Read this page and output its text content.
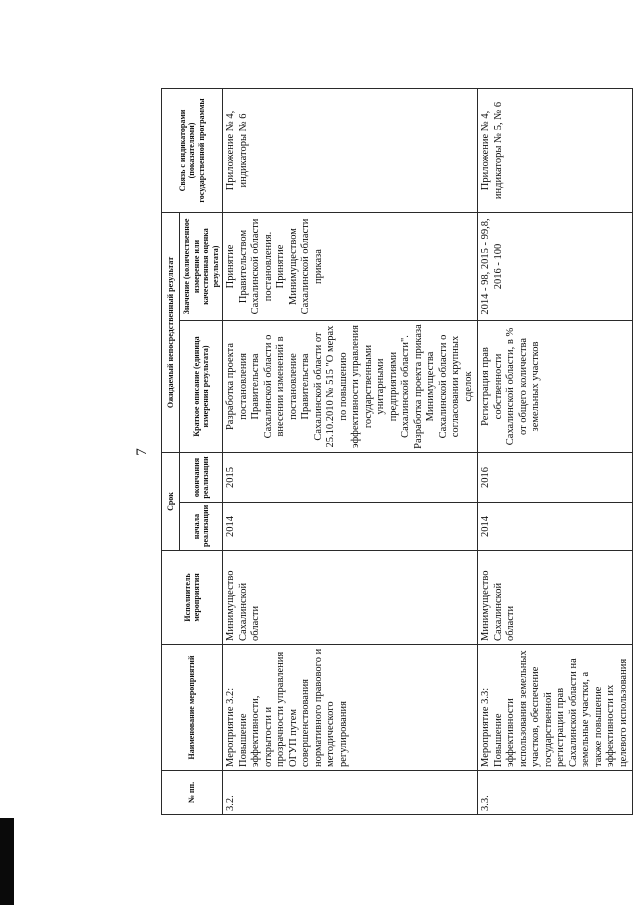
7
№ пп.	Наименование мероприятий	Исполнитель мероприятия	Срок		Ожидаемый непосредственный результат		Связь с индикаторами (показателями) государственной программы
			начала реализации	окончания реализации	Краткое описание (единица измерения результата)	Значение (количественное измерение или качественная оценка результата)	
3.2.	Мероприятие 3.2: Повышение эффективности, открытости и прозрачности управления ОГУП путем совершенствования нормативного правового и методического регулирования	Минимущество Сахалинской области	2014	2015	Разработка проекта постановления Правительства Сахалинской области о внесении изменений в постановление Правительства Сахалинской области от 25.10.2010 № 515 "О мерах по повышению эффективности управления государственными унитарными предприятиями Сахалинской области". Разработка проекта приказа Минимущества Сахалинской области о согласовании крупных сделок	Принятие Правительством Сахалинской области постановления. Принятие Минимуществом Сахалинской области приказа	Приложение № 4, индикаторы № 6
3.3.	Мероприятие 3.3: Повышение эффективности использования земельных участков, обеспечение государственной регистрации прав Сахалинской области на земельные участки, а также повышение эффективности их целевого использования	Минимущество Сахалинской области	2014	2016	Регистрация прав собственности Сахалинской области, в % от общего количества земельных участков	2014 - 98, 2015 - 99,8, 2016 - 100	Приложение № 4, индикаторы № 5, № 6
